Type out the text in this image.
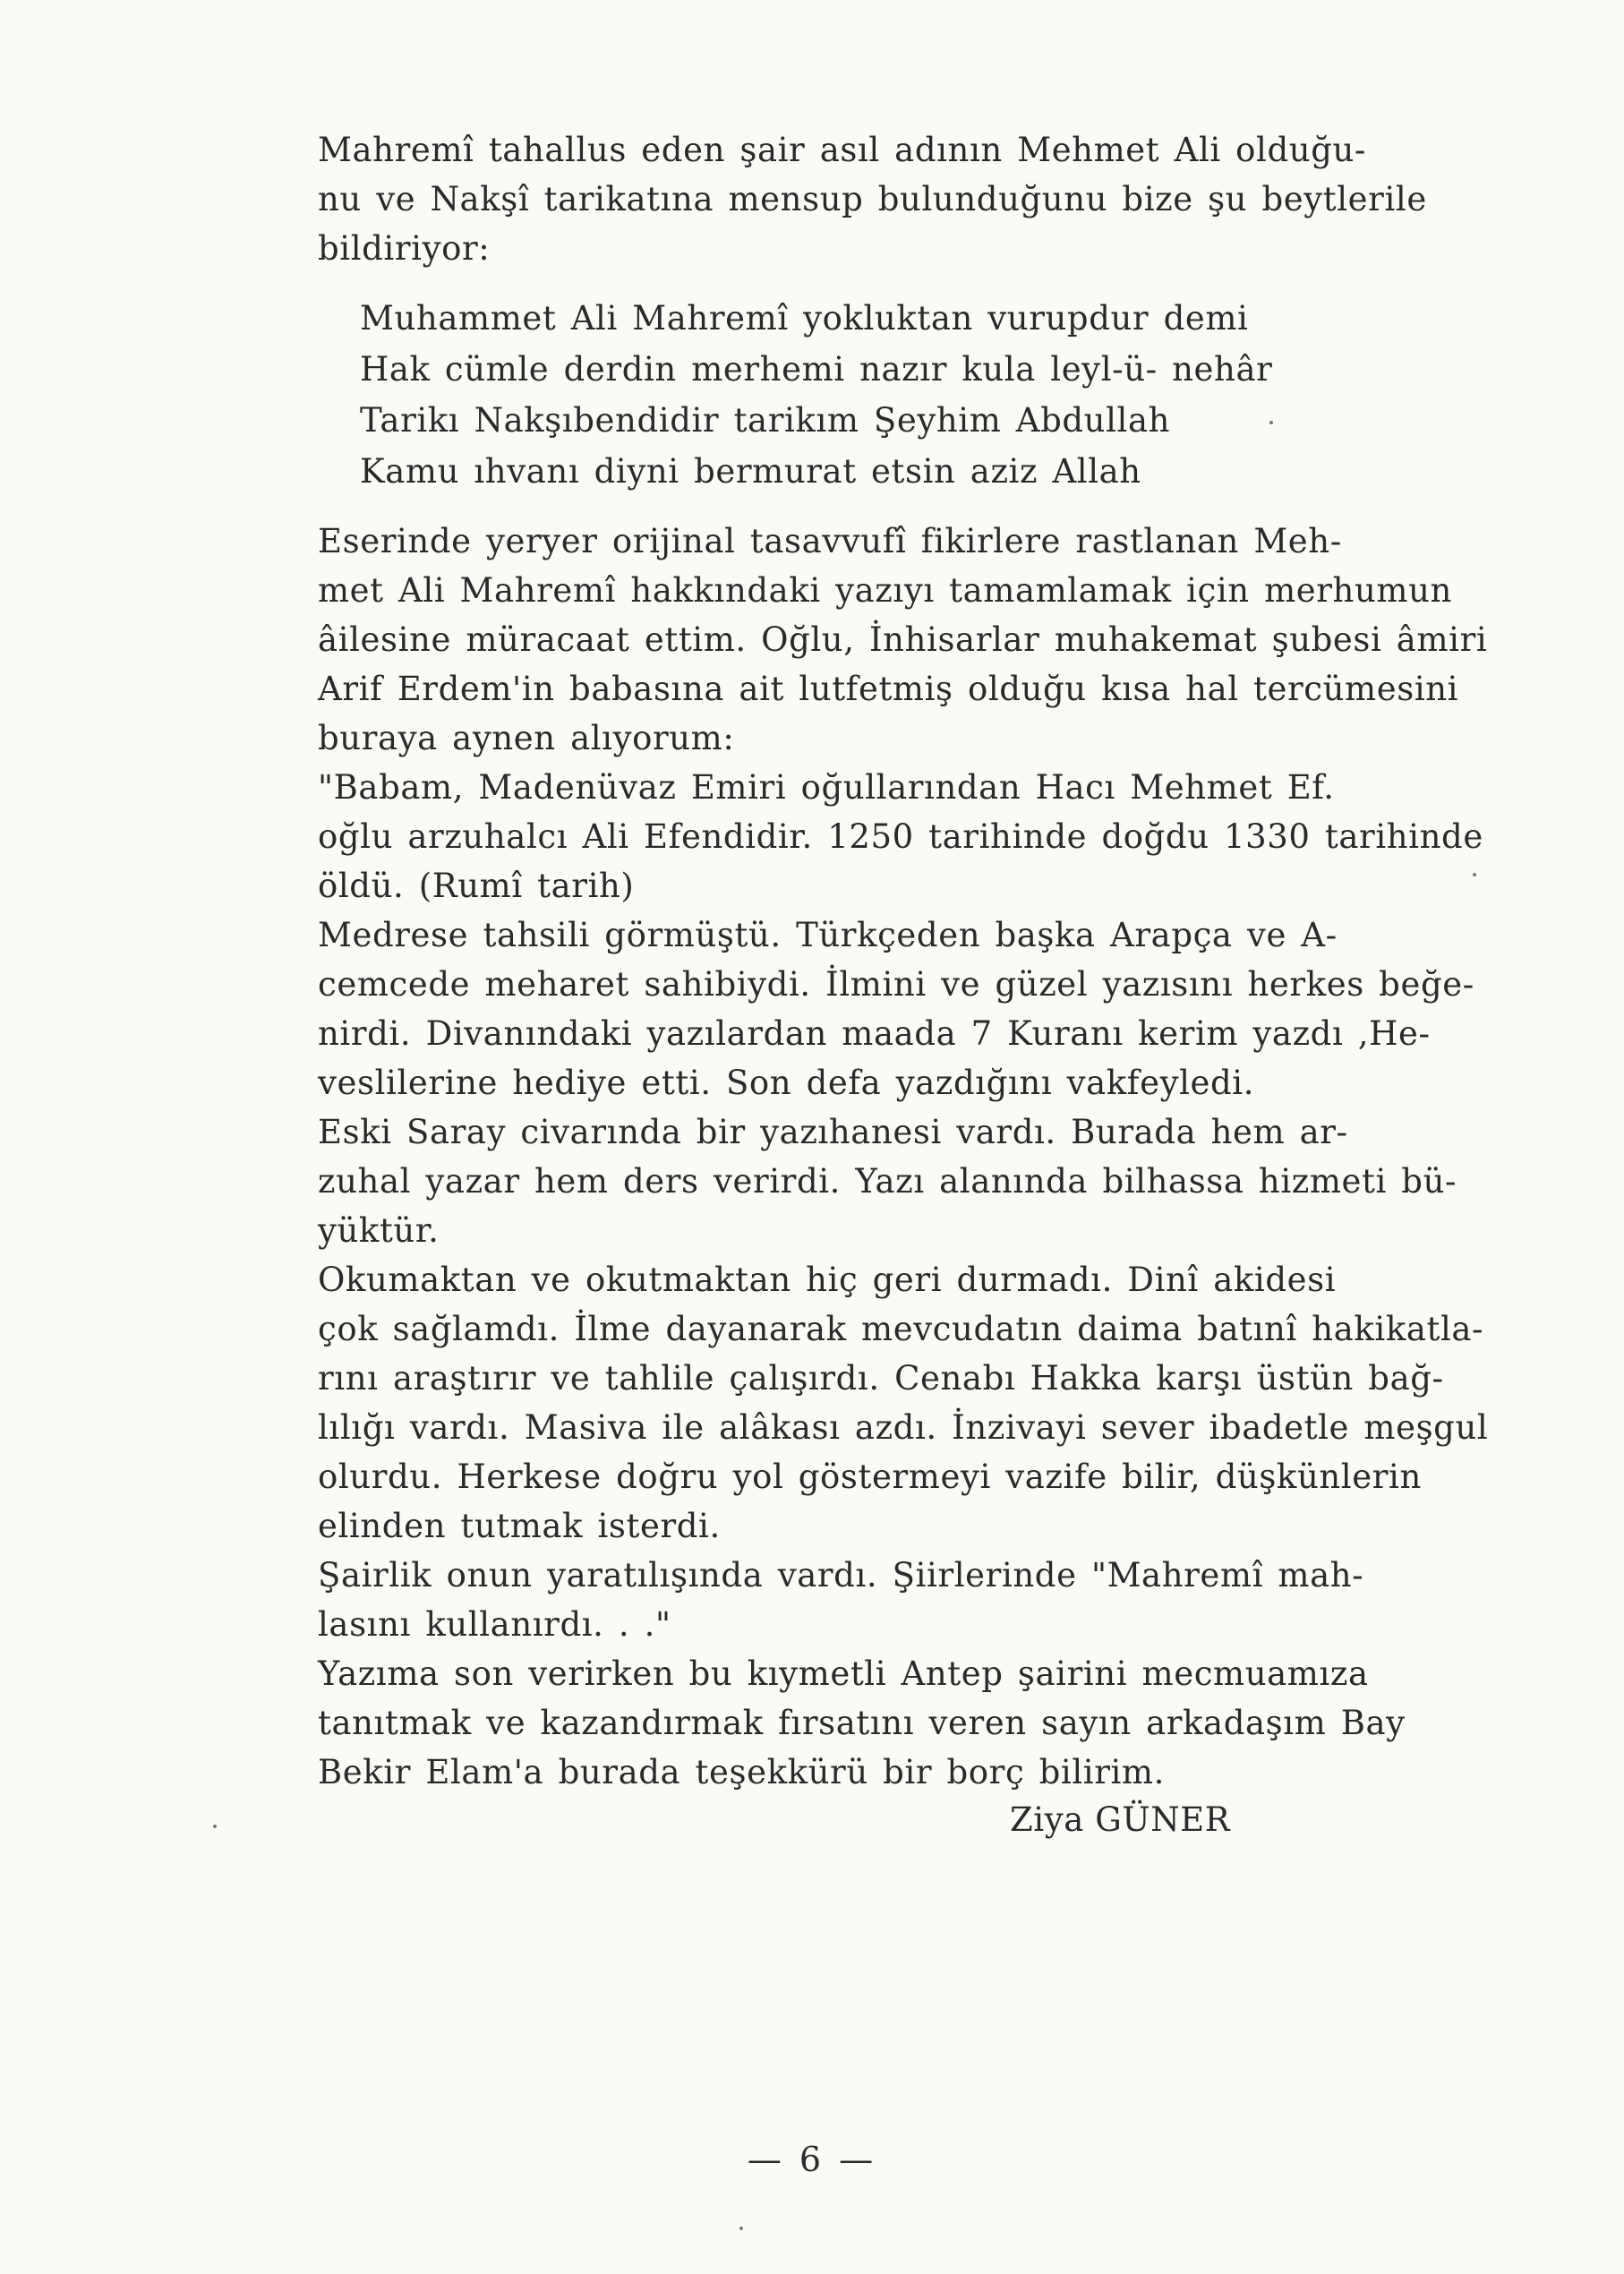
Mahremî tahallus eden şair asıl adının Mehmet Ali olduğu-
nu ve Nakşî tarikatına mensup bulunduğunu bize şu beytlerile
bildiriyor:

Muhammet Ali Mahremî yokluktan vurupdur demi
Hak cümle derdin merhemi nazır kula leyl-ü- nehâr
Tarikı Nakşıbendidir tarikım Şeyhim Abdullah
Kamu ıhvanı diyni bermurat etsin aziz Allah

Eserinde yeryer orijinal tasavvufî fikirlere rastlanan Meh-
met Ali Mahremî hakkındaki yazıyı tamamlamak için merhumun
âilesine müracaat ettim. Oğlu, İnhisarlar muhakemat şubesi âmiri
Arif Erdem'in babasına ait lutfetmiş olduğu kısa hal tercümesini
buraya aynen alıyorum:

"Babam, Madenüvaz Emiri oğullarından Hacı Mehmet Ef.
oğlu arzuhalcı Ali Efendidir. 1250 tarihinde doğdu 1330 tarihinde
öldü. (Rumî tarih)

Medrese tahsili görmüştü. Türkçeden başka Arapça ve A-
cemcede meharet sahibiydi. İlmini ve güzel yazısını herkes beğe-
nirdi. Divanındaki yazılardan maada 7 Kuranı kerim yazdı ,He-
veslilerine hediye etti. Son defa yazdığını vakfeyledi.

Eski Saray civarında bir yazıhanesi vardı. Burada hem ar-
zuhal yazar hem ders verirdi. Yazı alanında bilhassa hizmeti bü-
yüktür.

Okumaktan ve okutmaktan hiç geri durmadı. Dinî akidesi
çok sağlamdı. İlme dayanarak mevcudatın daima batınî hakikatla-
rını araştırır ve tahlile çalışırdı. Cenabı Hakka karşı üstün bağ-
lılığı vardı. Masiva ile alâkası azdı. İnzivayi sever ibadetle meşgul
olurdu. Herkese doğru yol göstermeyi vazife bilir, düşkünlerin
elinden tutmak isterdi.

Şairlik onun yaratılışında vardı. Şiirlerinde "Mahremî mah-
lasını kullanırdı. . ."

Yazıma son verirken bu kıymetli Antep şairini mecmuamıza
tanıtmak ve kazandırmak fırsatını veren sayın arkadaşım Bay
Bekir Elam'a burada teşekkürü bir borç bilirim.

Ziya GÜNER
— 6 —
